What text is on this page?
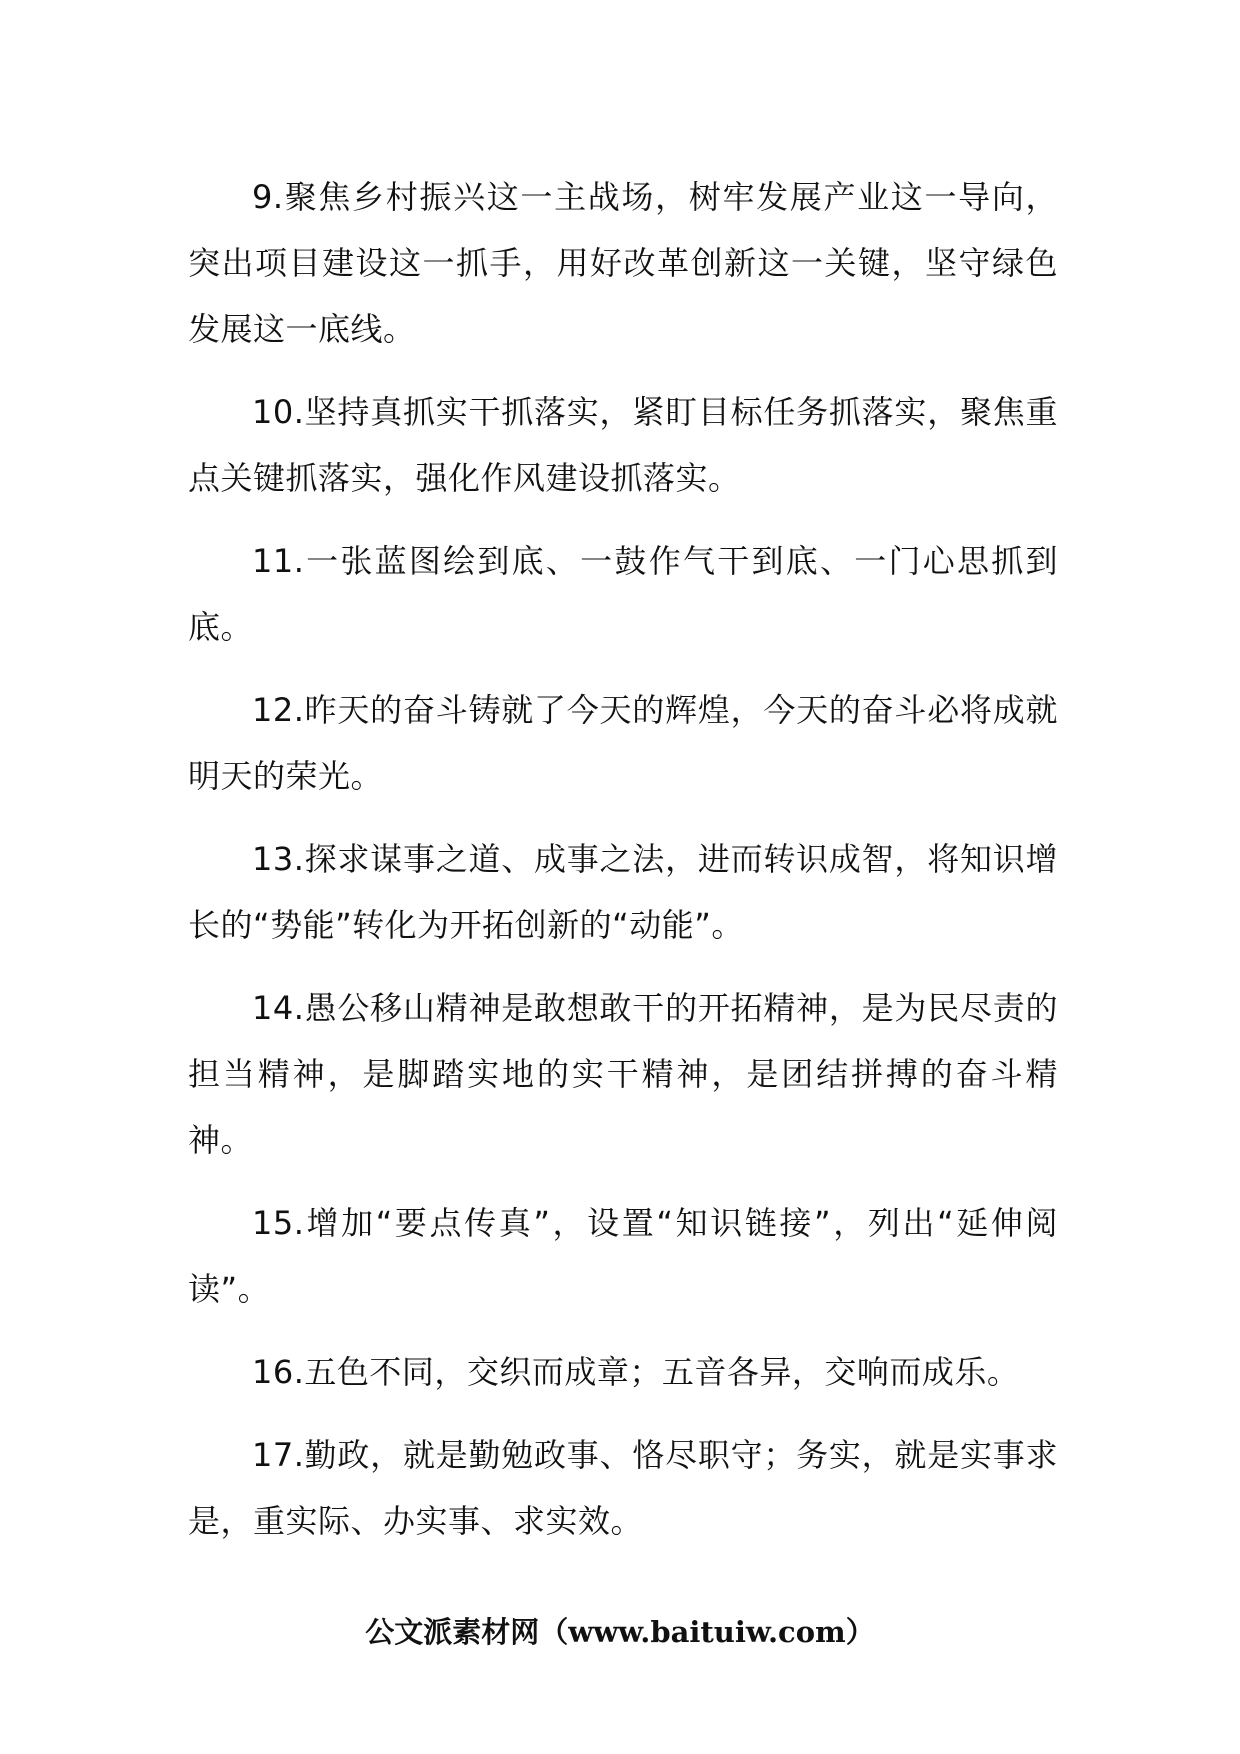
9.聚焦乡村振兴这一主战场，树牢发展产业这一导向，突出项目建设这一抓手，用好改革创新这一关键，坚守绿色发展这一底线。

10.坚持真抓实干抓落实，紧盯目标任务抓落实，聚焦重点关键抓落实，强化作风建设抓落实。

11.一张蓝图绘到底、一鼓作气干到底、一门心思抓到底。

12.昨天的奋斗铸就了今天的辉煌，今天的奋斗必将成就明天的荣光。

13.探求谋事之道、成事之法，进而转识成智，将知识增长的“势能”转化为开拓创新的“动能”。

14.愚公移山精神是敢想敢干的开拓精神，是为民尽责的担当精神，是脚踏实地的实干精神，是团结拼搏的奋斗精神。

15.增加“要点传真”，设置“知识链接”，列出“延伸阅读”。

16.五色不同，交织而成章；五音各异，交响而成乐。

17.勤政，就是勤勉政事、恪尽职守；务实，就是实事求是，重实际、办实事、求实效。

公文派素材网（www.baituiw.com）
